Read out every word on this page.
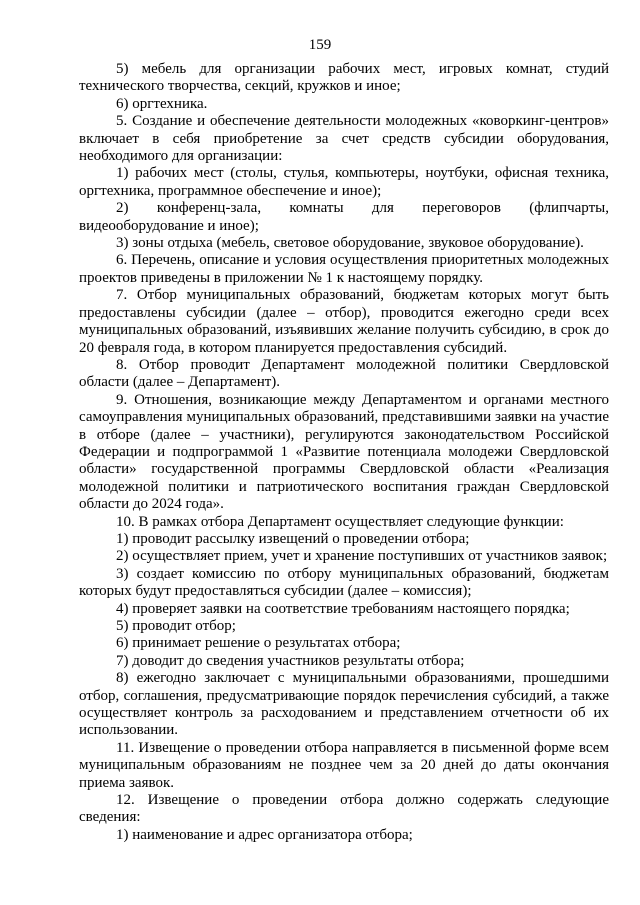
159

5) мебель для организации рабочих мест, игровых комнат, студий технического творчества, секций, кружков и иное;

6) оргтехника.

5. Создание и обеспечение деятельности молодежных «коворкинг-центров» включает в себя приобретение за счет средств субсидии оборудования, необходимого для организации:

1) рабочих мест (столы, стулья, компьютеры, ноутбуки, офисная техника, оргтехника, программное обеспечение и иное);

2) конференц-зала, комнаты для переговоров (флипчарты, видеооборудование и иное);

3) зоны отдыха (мебель, световое оборудование, звуковое оборудование).

6. Перечень, описание и условия осуществления приоритетных молодежных проектов приведены в приложении № 1 к настоящему порядку.

7. Отбор муниципальных образований, бюджетам которых могут быть предоставлены субсидии (далее – отбор), проводится ежегодно среди всех муниципальных образований, изъявивших желание получить субсидию, в срок до 20 февраля года, в котором планируется предоставления субсидий.

8. Отбор проводит Департамент молодежной политики Свердловской области (далее – Департамент).

9. Отношения, возникающие между Департаментом и органами местного самоуправления муниципальных образований, представившими заявки на участие в отборе (далее – участники), регулируются законодательством Российской Федерации и подпрограммой 1 «Развитие потенциала молодежи Свердловской области» государственной программы Свердловской области «Реализация молодежной политики и патриотического воспитания граждан Свердловской области до 2024 года».

10. В рамках отбора Департамент осуществляет следующие функции:

1) проводит рассылку извещений о проведении отбора;

2) осуществляет прием, учет и хранение поступивших от участников заявок;

3) создает комиссию по отбору муниципальных образований, бюджетам которых будут предоставляться субсидии (далее – комиссия);

4) проверяет заявки на соответствие требованиям настоящего порядка;

5) проводит отбор;

6) принимает решение о результатах отбора;

7) доводит до сведения участников результаты отбора;

8) ежегодно заключает с муниципальными образованиями, прошедшими отбор, соглашения, предусматривающие порядок перечисления субсидий, а также осуществляет контроль за расходованием и представлением отчетности об их использовании.

11. Извещение о проведении отбора направляется в письменной форме всем муниципальным образованиям не позднее чем за 20 дней до даты окончания приема заявок.

12. Извещение о проведении отбора должно содержать следующие сведения:

1) наименование и адрес организатора отбора;
